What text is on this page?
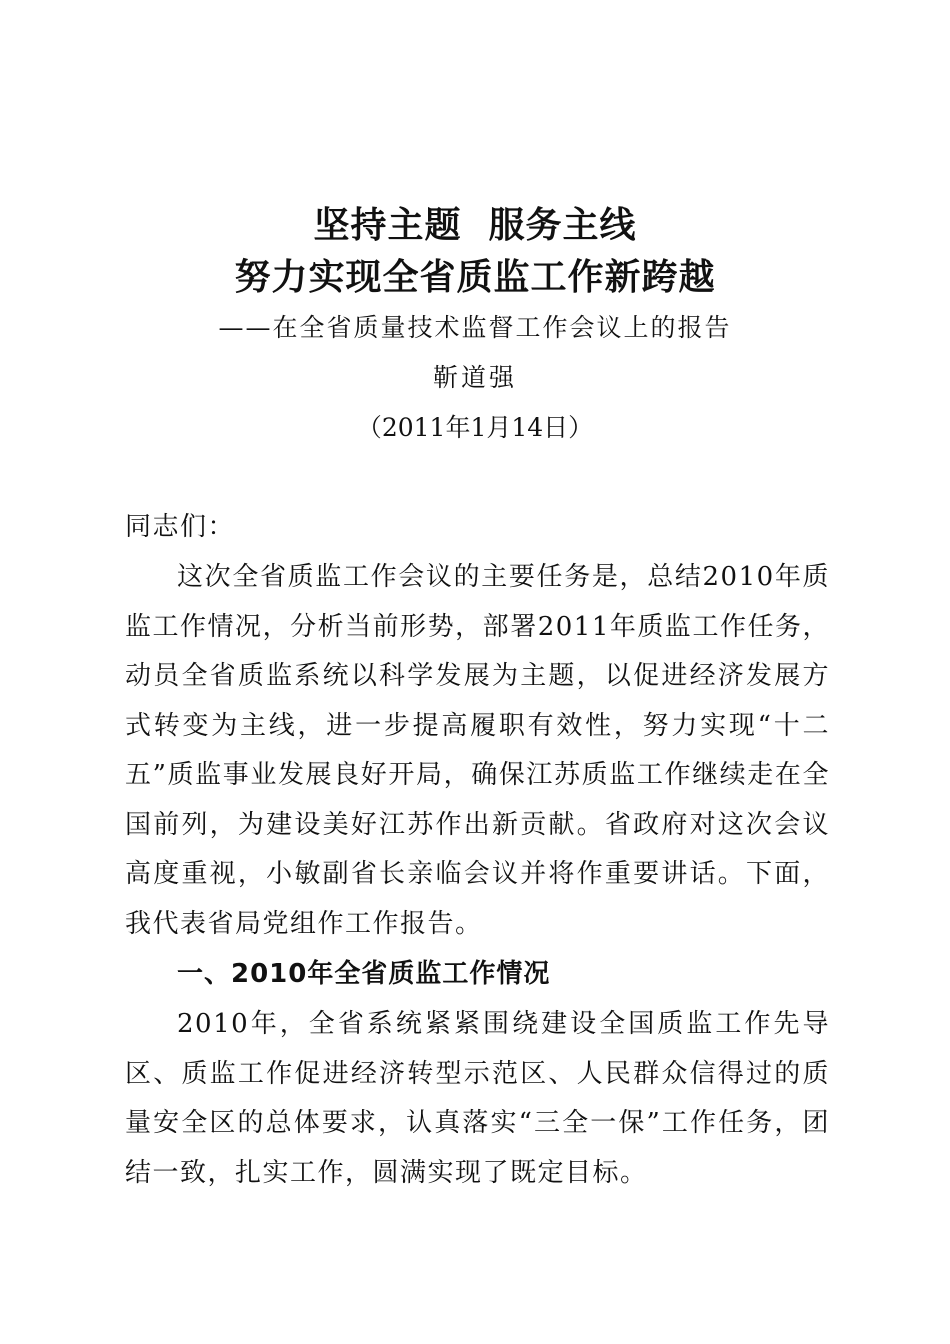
坚持主题  服务主线
努力实现全省质监工作新跨越
——在全省质量技术监督工作会议上的报告
靳道强
（2011年1月14日）
同志们：
这次全省质监工作会议的主要任务是，总结2010年质监工作情况，分析当前形势，部署2011年质监工作任务，动员全省质监系统以科学发展为主题，以促进经济发展方式转变为主线，进一步提高履职有效性，努力实现“十二五”质监事业发展良好开局，确保江苏质监工作继续走在全国前列，为建设美好江苏作出新贡献。省政府对这次会议高度重视，小敏副省长亲临会议并将作重要讲话。下面，我代表省局党组作工作报告。
一、2010年全省质监工作情况
2010年，全省系统紧紧围绕建设全国质监工作先导区、质监工作促进经济转型示范区、人民群众信得过的质量安全区的总体要求，认真落实“三全一保”工作任务，团结一致，扎实工作，圆满实现了既定目标。
